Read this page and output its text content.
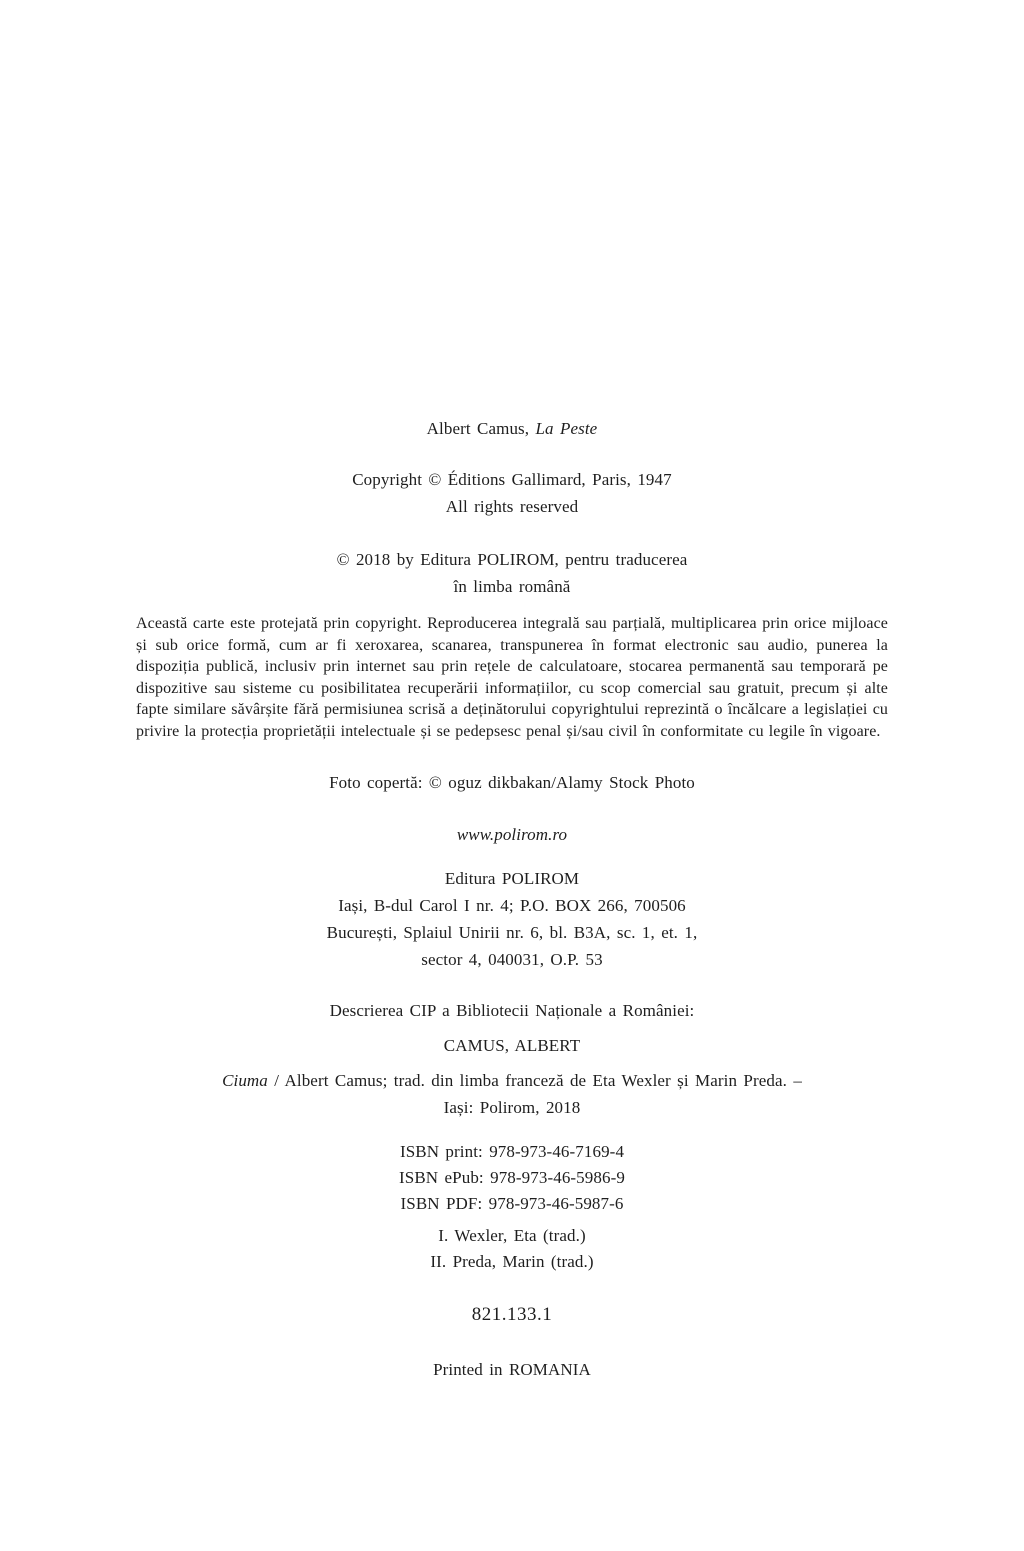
Albert Camus, La Peste
Copyright © Éditions Gallimard, Paris, 1947
All rights reserved
© 2018 by Editura POLIROM, pentru traducerea
în limba română

Această carte este protejată prin copyright. Reproducerea integrală sau parțială, multiplicarea prin orice mijloace și sub orice formă, cum ar fi xeroxarea, scanarea, transpunerea în format electronic sau audio, punerea la dispoziția publică, inclusiv prin internet sau prin rețele de calculatoare, stocarea permanentă sau temporară pe dispozitive sau sisteme cu posibilitatea recuperării informațiilor, cu scop comercial sau gratuit, precum și alte fapte similare săvârșite fără permisiunea scrisă a deținătorului copyrightului reprezintă o încălcare a legislației cu privire la protecția proprietății intelectuale și se pedepsesc penal și/sau civil în conformitate cu legile în vigoare.

Foto copertă: © oguz dikbakan/Alamy Stock Photo
www.polirom.ro
Editura POLIROM
Iași, B-dul Carol I nr. 4; P.O. BOX 266, 700506
București, Splaiul Unirii nr. 6, bl. B3A, sc. 1, et. 1,
sector 4, 040031, O.P. 53
Descrierea CIP a Bibliotecii Naționale a României:
CAMUS, ALBERT
Ciuma / Albert Camus; trad. din limba franceză de Eta Wexler și Marin Preda. –
Iași: Polirom, 2018
ISBN print: 978-973-46-7169-4
ISBN ePub: 978-973-46-5986-9
ISBN PDF: 978-973-46-5987-6
I. Wexler, Eta (trad.)
II. Preda, Marin (trad.)
821.133.1
Printed in ROMANIA
